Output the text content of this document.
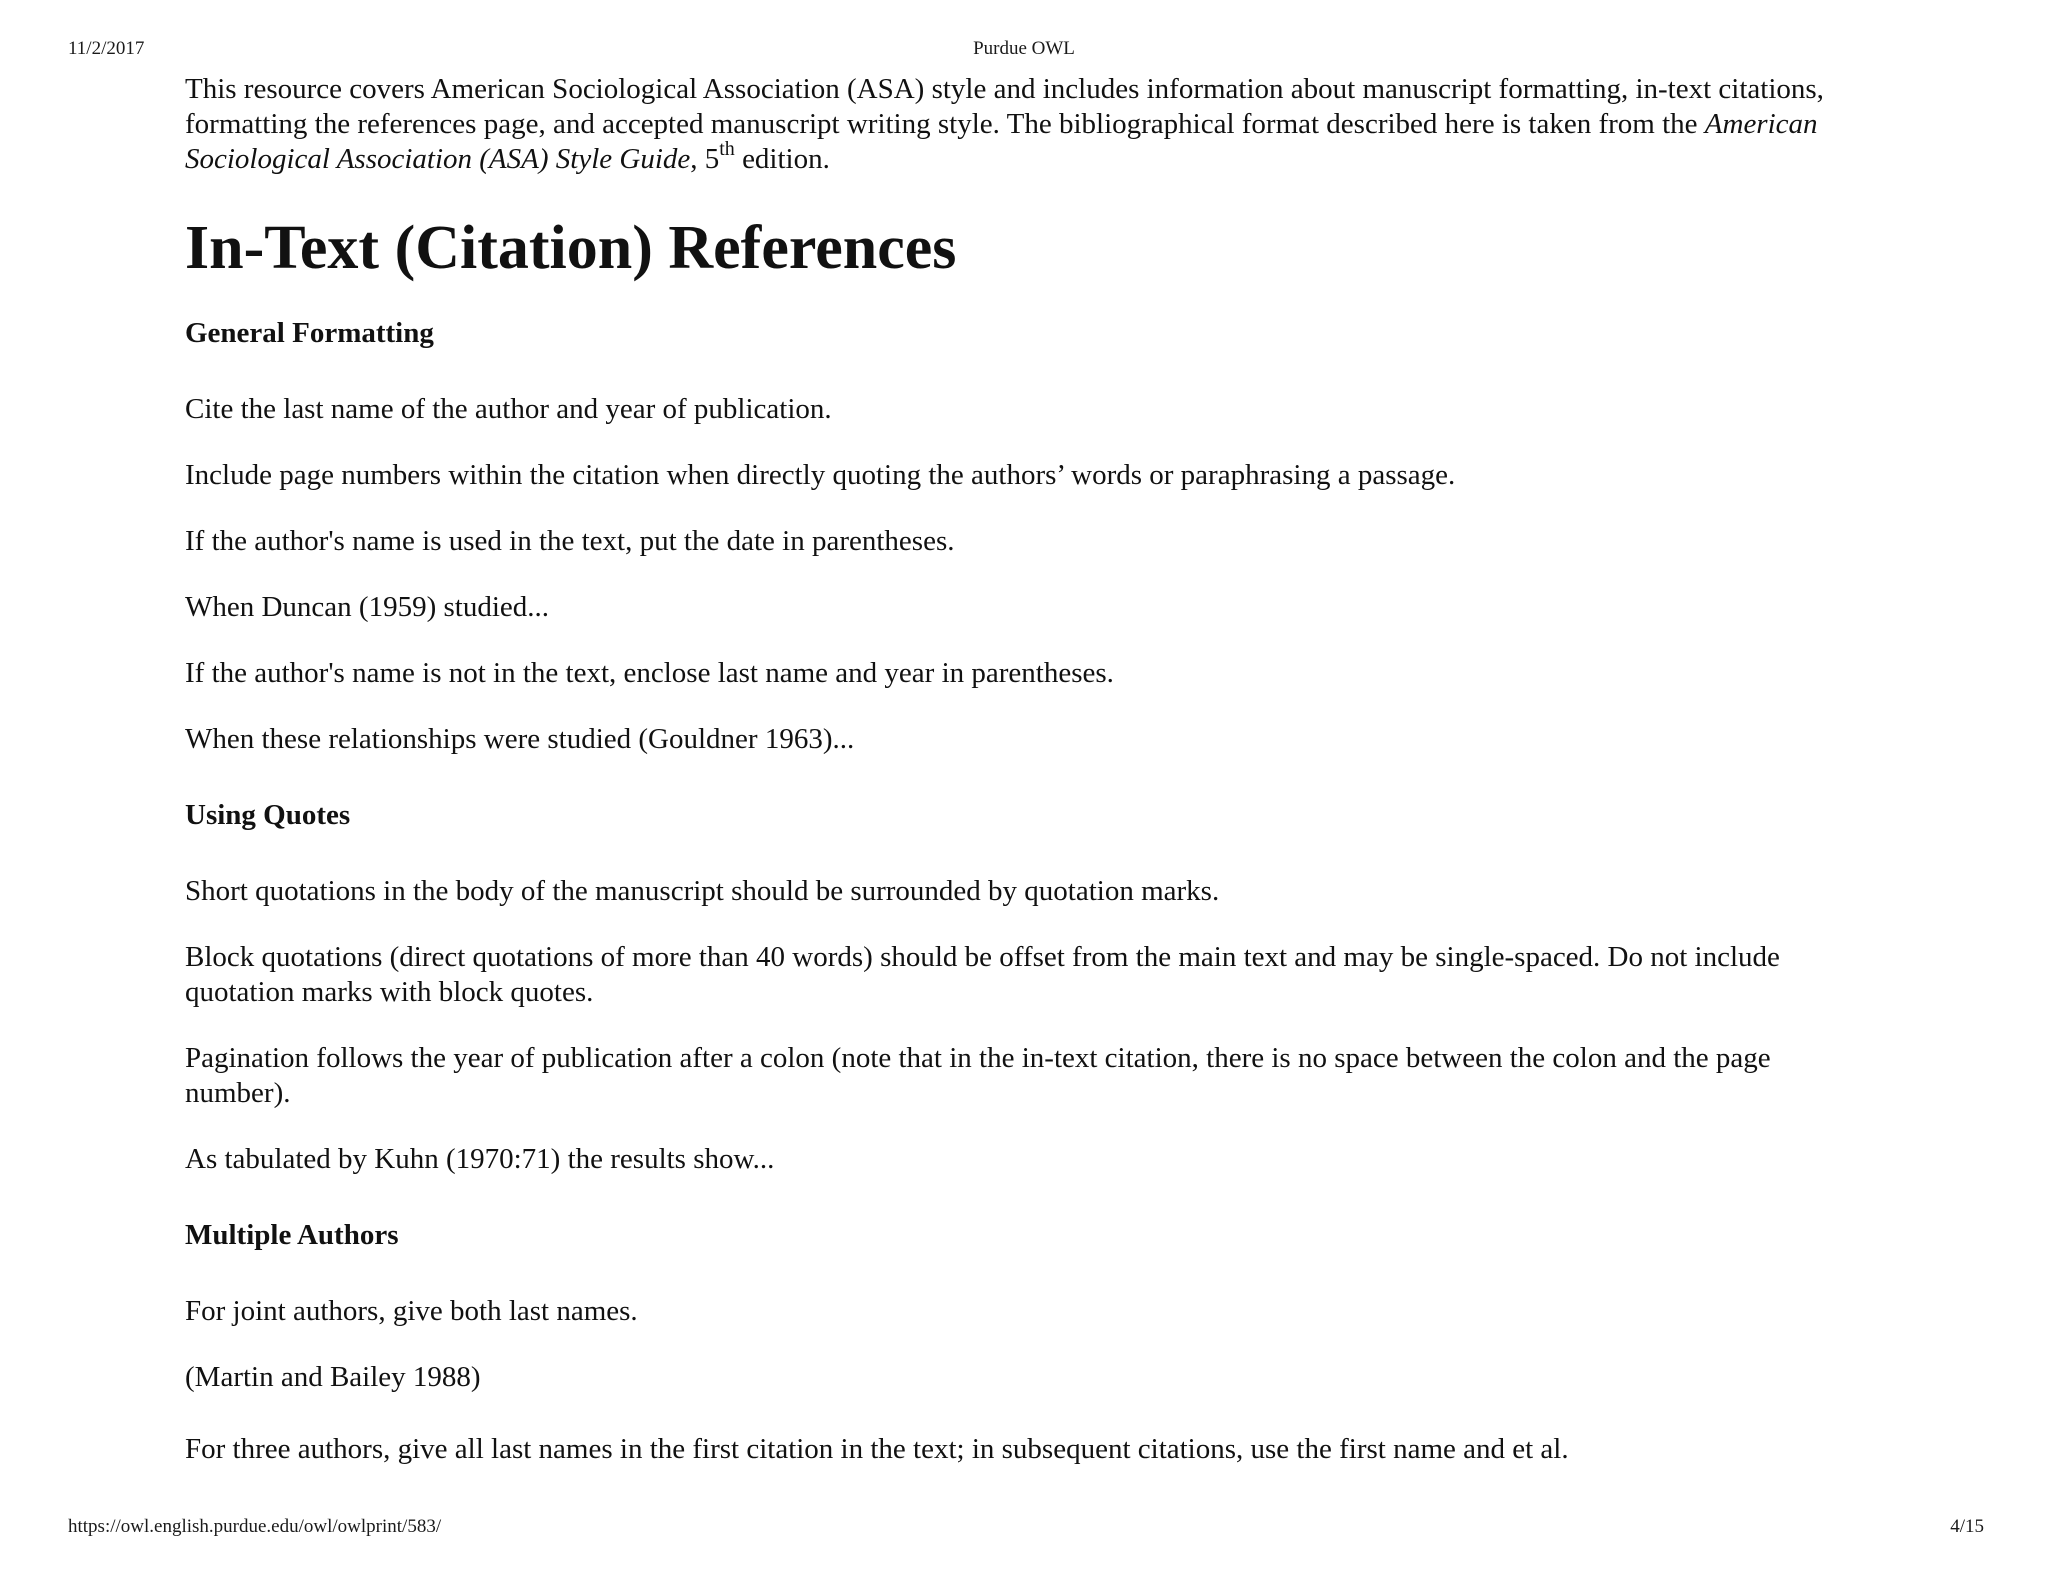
11/2/2017	Purdue OWL

This resource covers American Sociological Association (ASA) style and includes information about manuscript formatting, in-text citations, formatting the references page, and accepted manuscript writing style. The bibliographical format described here is taken from the American Sociological Association (ASA) Style Guide, 5th edition.

In-Text (Citation) References
General Formatting

Cite the last name of the author and year of publication.

Include page numbers within the citation when directly quoting the authors’ words or paraphrasing a passage.

If the author's name is used in the text, put the date in parentheses.

When Duncan (1959) studied...

If the author's name is not in the text, enclose last name and year in parentheses.

When these relationships were studied (Gouldner 1963)...

Using Quotes

Short quotations in the body of the manuscript should be surrounded by quotation marks.

Block quotations (direct quotations of more than 40 words) should be offset from the main text and may be single-spaced. Do not include quotation marks with block quotes.

Pagination follows the year of publication after a colon (note that in the in-text citation, there is no space between the colon and the page number).

As tabulated by Kuhn (1970:71) the results show...

Multiple Authors

For joint authors, give both last names.

(Martin and Bailey 1988)

For three authors, give all last names in the first citation in the text; in subsequent citations, use the first name and et al.

https://owl.english.purdue.edu/owl/owlprint/583/	4/15
